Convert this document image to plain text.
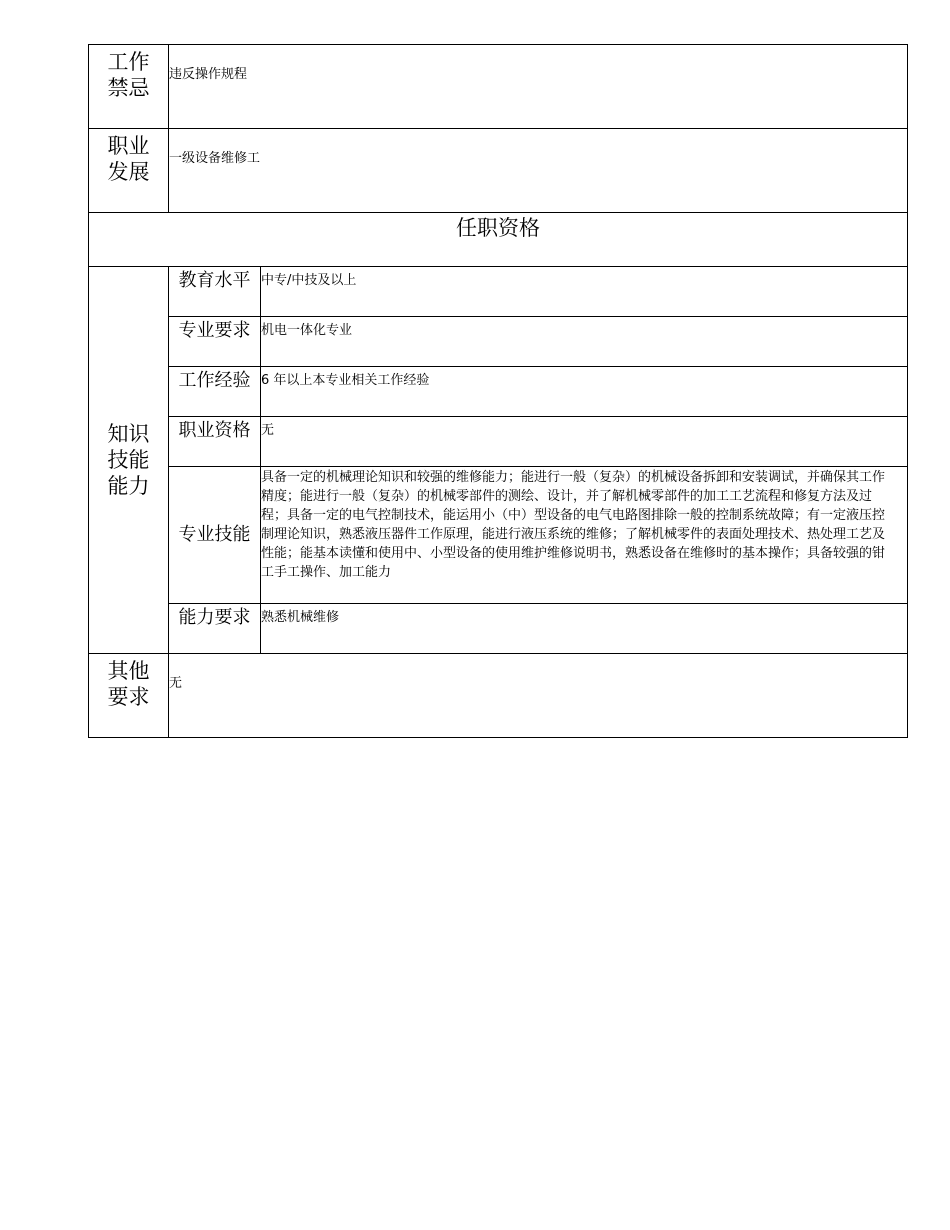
工作禁忌	违反操作规程	

职业发展	一级设备维修工	
任职资格		

知识技能能力	教育水平	中专/中技及以上
	专业要求	机电一体化专业
	工作经验	6 年以上本专业相关工作经验
	职业资格	无
	专业技能	具备一定的机械理论知识和较强的维修能力；能进行一般（复杂）的机械设备拆卸和安装调试，并确保其工作精度；能进行一般（复杂）的机械零部件的测绘、设计，并了解机械零部件的加工工艺流程和修复方法及过程；具备一定的电气控制技术，能运用小（中）型设备的电气电路图排除一般的控制系统故障；有一定液压控制理论知识，熟悉液压器件工作原理，能进行液压系统的维修；了解机械零件的表面处理技术、热处理工艺及性能；能基本读懂和使用中、小型设备的使用维护维修说明书，熟悉设备在维修时的基本操作；具备较强的钳工手工操作、加工能力
	能力要求	熟悉机械维修

其他要求	无	
